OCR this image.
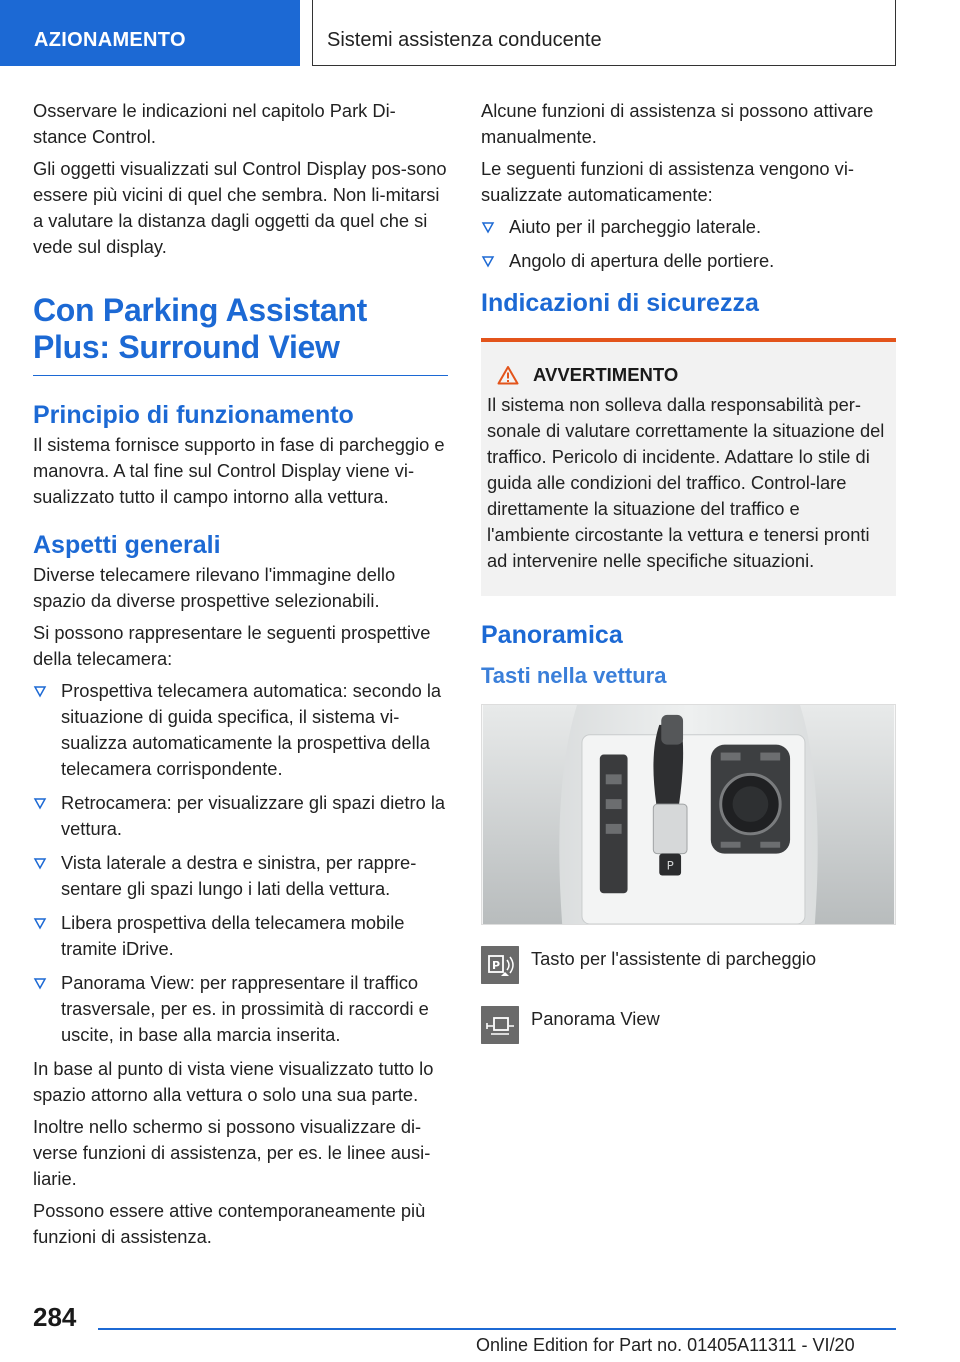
AZIONAMENTO	Sistemi assistenza conducente

Osservare le indicazioni nel capitolo Park Di-stance Control.

Gli oggetti visualizzati sul Control Display pos-sono essere più vicini di quel che sembra. Non li-mitarsi a valutare la distanza dagli oggetti da quel che si vede sul display.

Con Parking Assistant Plus: Surround View
Principio di funzionamento

Il sistema fornisce supporto in fase di parcheggio e manovra. A tal fine sul Control Display viene vi-sualizzato tutto il campo intorno alla vettura.

Aspetti generali

Diverse telecamere rilevano l'immagine dello spazio da diverse prospettive selezionabili.

Si possono rappresentare le seguenti prospettive della telecamera:

Prospettiva telecamera automatica: secondo la situazione di guida specifica, il sistema vi-sualizza automaticamente la prospettiva della telecamera corrispondente.
Retrocamera: per visualizzare gli spazi dietro la vettura.
Vista laterale a destra e sinistra, per rappre-sentare gli spazi lungo i lati della vettura.
Libera prospettiva della telecamera mobile tramite iDrive.
Panorama View: per rappresentare il traffico trasversale, per es. in prossimità di raccordi e uscite, in base alla marcia inserita.

In base al punto di vista viene visualizzato tutto lo spazio attorno alla vettura o solo una sua parte.

Inoltre nello schermo si possono visualizzare di-verse funzioni di assistenza, per es. le linee ausi-liarie.

Possono essere attive contemporaneamente più funzioni di assistenza.

Alcune funzioni di assistenza si possono attivare manualmente.

Le seguenti funzioni di assistenza vengono vi-sualizzate automaticamente:

Aiuto per il parcheggio laterale.
Angolo di apertura delle portiere.
Indicazioni di sicurezza
AVVERTIMENTO
Il sistema non solleva dalla responsabilità per-sonale di valutare correttamente la situazione del traffico. Pericolo di incidente. Adattare lo stile di guida alle condizioni del traffico. Control-lare direttamente la situazione del traffico e l'ambiente circostante la vettura e tenersi pronti ad intervenire nelle specifiche situazioni.
Panoramica
Tasti nella vettura
P
P Tasto per l'assistente di parcheggio
Panorama View
284
Online Edition for Part no. 01405A11311 - VI/20
